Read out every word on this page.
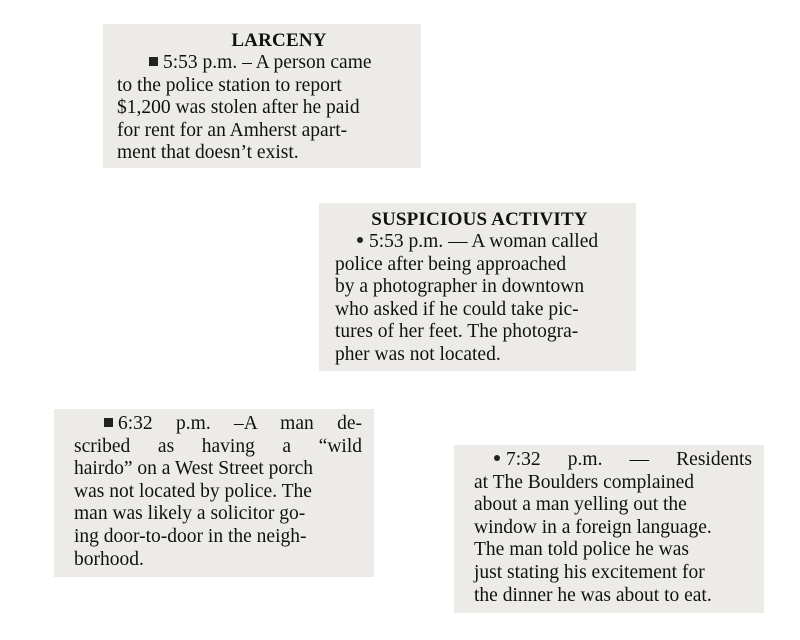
LARCENY
5:53 p.m. – A person came
to the police station to report
$1,200 was stolen after he paid
for rent for an Amherst apart-
ment that doesn’t exist.
SUSPICIOUS ACTIVITY
5:53 p.m. — A woman called
police after being approached
by a photographer in downtown
who asked if he could take pic-
tures of her feet. The photogra-
pher was not located.
6:32 p.m. –A man de-
scribed as having a “wild
hairdo” on a West Street porch
was not located by police. The
man was likely a solicitor go-
ing door-to-door in the neigh-
borhood.
7:32 p.m. — Residents
at The Boulders complained
about a man yelling out the
window in a foreign language.
The man told police he was
just stating his excitement for
the dinner he was about to eat.
